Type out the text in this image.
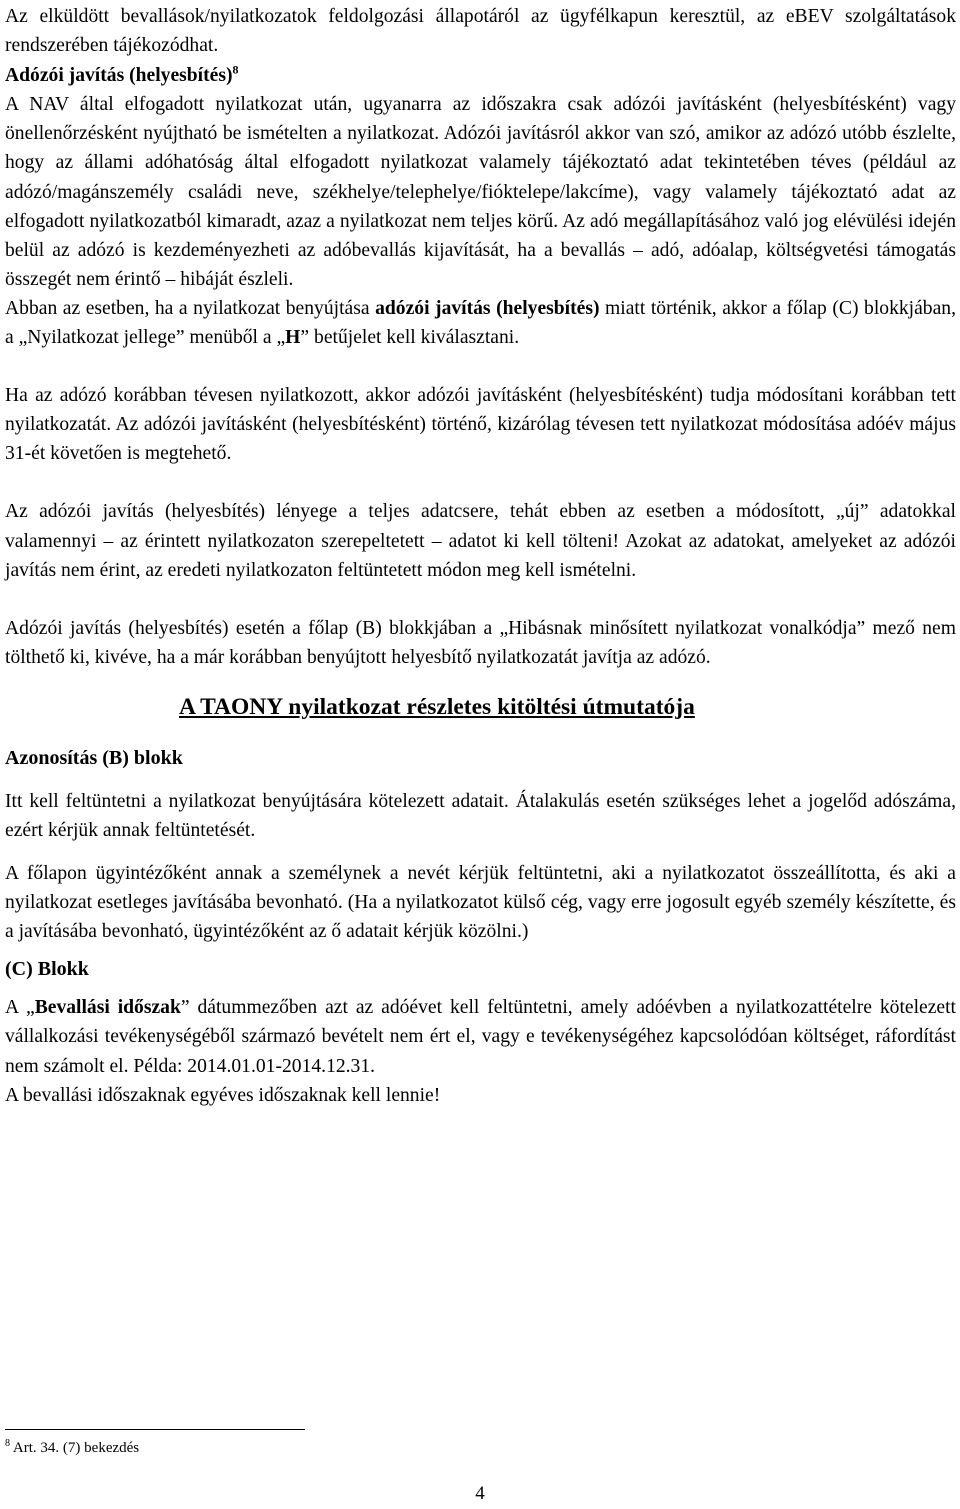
Az elküldött bevallások/nyilatkozatok feldolgozási állapotáról az ügyfélkapun keresztül, az eBEV szolgáltatások rendszerében tájékozódhat.

Adózói javítás (helyesbítés)$^8$

A NAV által elfogadott nyilatkozat után, ugyanarra az időszakra csak adózói javításként (helyesbítésként) vagy önellenőrzésként nyújtható be ismételten a nyilatkozat. Adózói javításról akkor van szó, amikor az adózó utóbb észlelte, hogy az állami adóhatóság által elfogadott nyilatkozat valamely tájékoztató adat tekintetében téves (például az adózó/magánszemély családi neve, székhelye/telephelye/fióktelepe/lakcíme), vagy valamely tájékoztató adat az elfogadott nyilatkozatból kimaradt, azaz a nyilatkozat nem teljes körű. Az adó megállapításához való jog elévülési idején belül az adózó is kezdeményezheti az adóbevallás kijavítását, ha a bevallás – adó, adóalap, költségvetési támogatás összegét nem érintő – hibáját észleli.

Abban az esetben, ha a nyilatkozat benyújtása adózói javítás (helyesbítés) miatt történik, akkor a főlap (C) blokkjában, a „Nyilatkozat jellege” menüből a „H” betűjelet kell kiválasztani.

Ha az adózó korábban tévesen nyilatkozott, akkor adózói javításként (helyesbítésként) tudja módosítani korábban tett nyilatkozatát. Az adózói javításként (helyesbítésként) történő, kizárólag tévesen tett nyilatkozat módosítása adóév május 31-ét követően is megtehető.

Az adózói javítás (helyesbítés) lényege a teljes adatcsere, tehát ebben az esetben a módosított, „új” adatokkal valamennyi – az érintett nyilatkozaton szerepeltetett – adatot ki kell tölteni! Azokat az adatokat, amelyeket az adózói javítás nem érint, az eredeti nyilatkozaton feltüntetett módon meg kell ismételni.

Adózói javítás (helyesbítés) esetén a főlap (B) blokkjában a „Hibásnak minősített nyilatkozat vonalkódja” mező nem tölthető ki, kivéve, ha a már korábban benyújtott helyesbítő nyilatkozatát javítja az adózó.

A TAONY nyilatkozat részletes kitöltési útmutatója

Azonosítás (B) blokk

Itt kell feltüntetni a nyilatkozat benyújtására kötelezett adatait. Átalakulás esetén szükséges lehet a jogelőd adószáma, ezért kérjük annak feltüntetését.

A főlapon ügyintézőként annak a személynek a nevét kérjük feltüntetni, aki a nyilatkozatot összeállította, és aki a nyilatkozat esetleges javításába bevonható. (Ha a nyilatkozatot külső cég, vagy erre jogosult egyéb személy készítette, és a javításába bevonható, ügyintézőként az ő adatait kérjük közölni.)

(C) Blokk

A „Bevallási időszak” dátummezőben azt az adóévet kell feltüntetni, amely adóévben a nyilatkozattételre kötelezett vállalkozási tevékenységéből származó bevételt nem ért el, vagy e tevékenységéhez kapcsolódóan költséget, ráfordítást nem számolt el. Példa: 2014.01.01-2014.12.31.

A bevallási időszaknak egyéves időszaknak kell lennie!

$^8$ Art. 34. (7) bekezdés
4
